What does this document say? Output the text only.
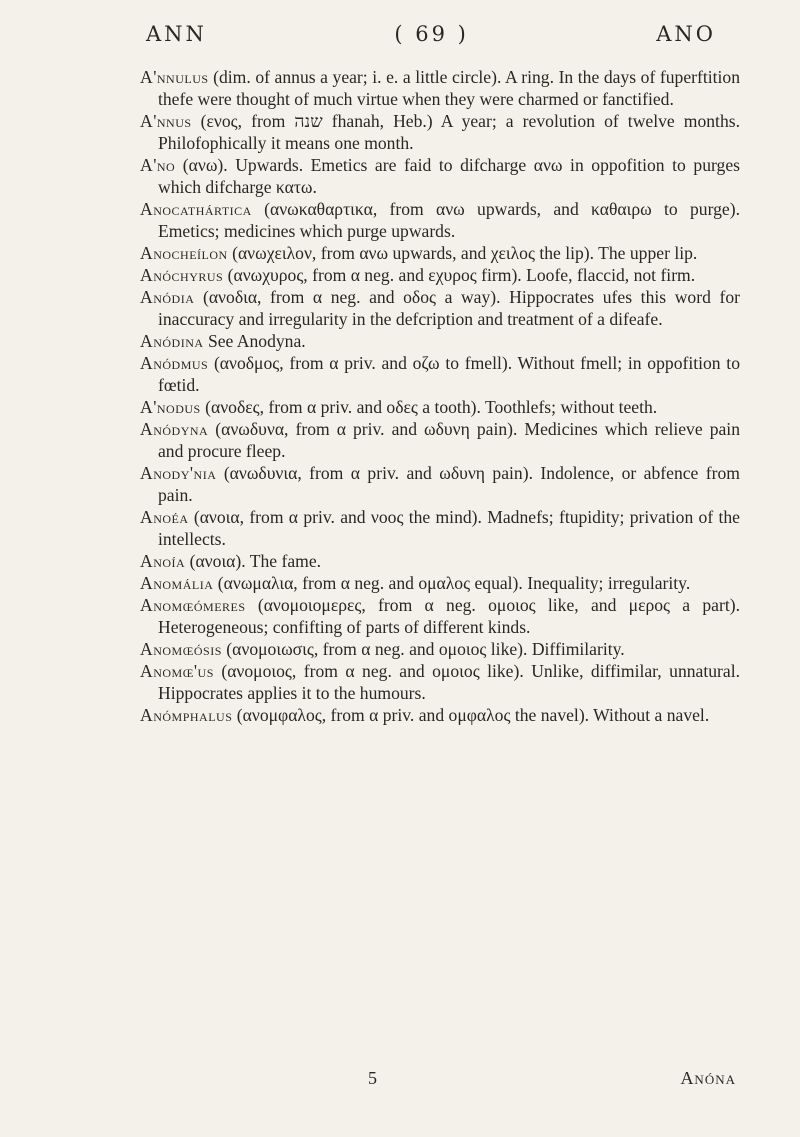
ANN	( 69 )	ANO

A'nnulus (dim. of annus a year; i. e. a little circle). A ring. In the days of fuperftition thefe were thought of much virtue when they were charmed or fanctified.

A'nnus (ενος, from שנה fhanah, Heb.) A year; a revolution of twelve months. Philofophically it means one month.

A'no (ανω). Upwards. Emetics are faid to difcharge ανω in oppofition to purges which difcharge κατω.

Anocathártica (ανωκαθαρτικα, from ανω upwards, and καθαιρω to purge). Emetics; medicines which purge upwards.

Anocheílon (ανωχειλον, from ανω upwards, and χειλος the lip). The upper lip.

Anóchyrus (ανωχυρος, from α neg. and εχυρος firm). Loofe, flaccid, not firm.

Anódia (ανοδια, from α neg. and οδος a way). Hippocrates ufes this word for inaccuracy and irregularity in the defcription and treatment of a difeafe.

Anódina See Anodyna.

Anódmus (ανοδμος, from α priv. and οζω to fmell). Without fmell; in oppofition to fœtid.

A'nodus (ανοδες, from α priv. and οδες a tooth). Toothlefs; without teeth.

Anódyna (ανωδυνα, from α priv. and ωδυνη pain). Medicines which relieve pain and procure fleep.

Anody'nia (ανωδυνια, from α priv. and ωδυνη pain). Indolence, or abfence from pain.

Anoéa (ανοια, from α priv. and νοος the mind). Madnefs; ftupidity; privation of the intellects.

Anoía (ανοια). The fame.

Anomália (ανωμαλια, from α neg. and ομαλος equal). Inequality; irregularity.

Anomœómeres (ανομοιομερες, from α neg. ομοιος like, and μερος a part). Heterogeneous; confifting of parts of different kinds.

Anomœósis (ανομοιωσις, from α neg. and ομοιος like). Diffimilarity.

Anomœ'us (ανομοιος, from α neg. and ομοιος like). Unlike, diffimilar, unnatural. Hippocrates applies it to the humours.

Anómphalus (ανομφαλος, from α priv. and ομφαλος the navel). Without a navel.

5	Anóna
